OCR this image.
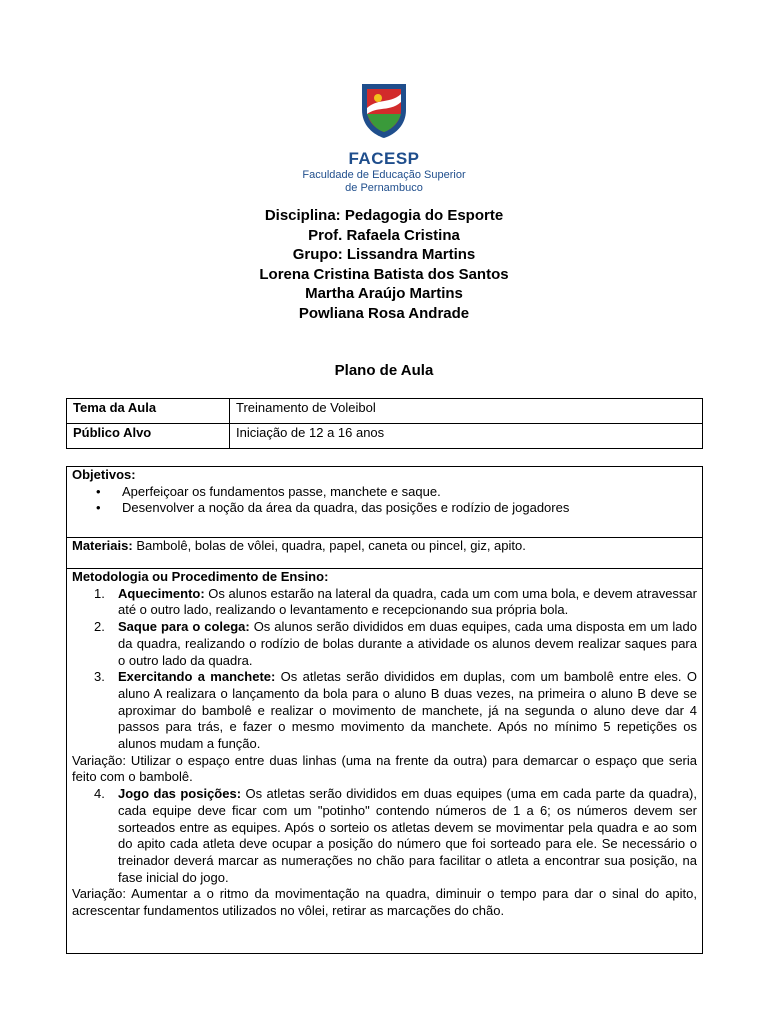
FACESP
Faculdade de Educação Superior
de Pernambuco
Disciplina: Pedagogia do Esporte
Prof. Rafaela Cristina
Grupo: Lissandra Martins
Lorena Cristina Batista dos Santos
Martha Araújo Martins
Powliana Rosa Andrade
Plano de Aula
Tema da Aula	Treinamento de Voleibol
Público Alvo	Iniciação de 12 a 16 anos
Objetivos:
• Aperfeiçoar os fundamentos passe, manchete e saque.
• Desenvolver a noção da área da quadra, das posições e rodízio de jogadores

Materiais: Bambolê, bolas de vôlei, quadra, papel, caneta ou pincel, giz, apito.

Metodologia ou Procedimento de Ensino:
1. Aquecimento: Os alunos estarão na lateral da quadra, cada um com uma bola, e devem atravessar até o outro lado, realizando o levantamento e recepcionando sua própria bola.
2. Saque para o colega: Os alunos serão divididos em duas equipes, cada uma disposta em um lado da quadra, realizando o rodízio de bolas durante a atividade os alunos devem realizar saques para o outro lado da quadra.
3. Exercitando a manchete: Os atletas serão divididos em duplas, com um bambolê entre eles. O aluno A realizara o lançamento da bola para o aluno B duas vezes, na primeira o aluno B deve se aproximar do bambolê e realizar o movimento de manchete, já na segunda o aluno deve dar 4 passos para trás, e fazer o mesmo movimento da manchete. Após no mínimo 5 repetições os alunos mudam a função.
Variação: Utilizar o espaço entre duas linhas (uma na frente da outra) para demarcar o espaço que seria feito com o bambolê.
4. Jogo das posições: Os atletas serão divididos em duas equipes (uma em cada parte da quadra), cada equipe deve ficar com um "potinho" contendo números de 1 a 6; os números devem ser sorteados entre as equipes. Após o sorteio os atletas devem se movimentar pela quadra e ao som do apito cada atleta deve ocupar a posição do número que foi sorteado para ele. Se necessário o treinador deverá marcar as numerações no chão para facilitar o atleta a encontrar sua posição, na fase inicial do jogo.
Variação: Aumentar a o ritmo da movimentação na quadra, diminuir o tempo para dar o sinal do apito, acrescentar fundamentos utilizados no vôlei, retirar as marcações do chão.
